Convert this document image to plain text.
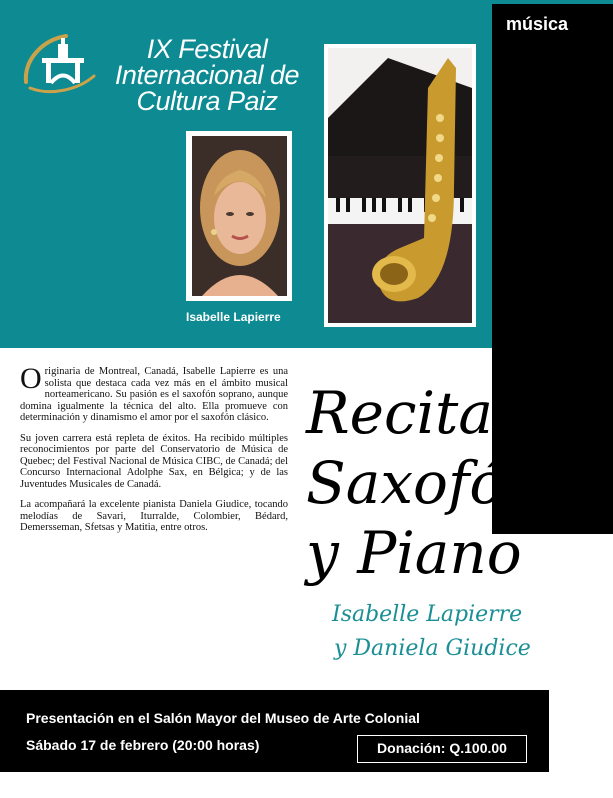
música
IX Festival
Internacional de
Cultura Paiz
Isabelle Lapierre

Originaria de Montreal, Canadá, Isabelle Lapierre es una solista que destaca cada vez más en el ámbito musical norteamericano. Su pasión es el saxofón soprano, aunque domina igualmente la técnica del alto. Ella promueve con determinación y dinamismo el amor por el saxofón clásico.

Su joven carrera está repleta de éxitos. Ha recibido múltiples reconocimientos por parte del Conservatorio de Música de Quebec; del Festival Nacional de Música CIBC, de Canadá; del Concurso Internacional Adolphe Sax, en Bélgica; y de las Juventudes Musicales de Canadá.

La acompañará la excelente pianista Daniela Giudice, tocando melodías de Savari, Iturralde, Colombier, Bédard, Demersseman, Sfetsas y Matitia, entre otros.

Recital de
Saxofón
y Piano
Isabelle Lapierre
y Daniela Giudice
Presentación en el Salón Mayor del Museo de Arte Colonial
Sábado 17 de febrero (20:00 horas)	Donación: Q.100.00
